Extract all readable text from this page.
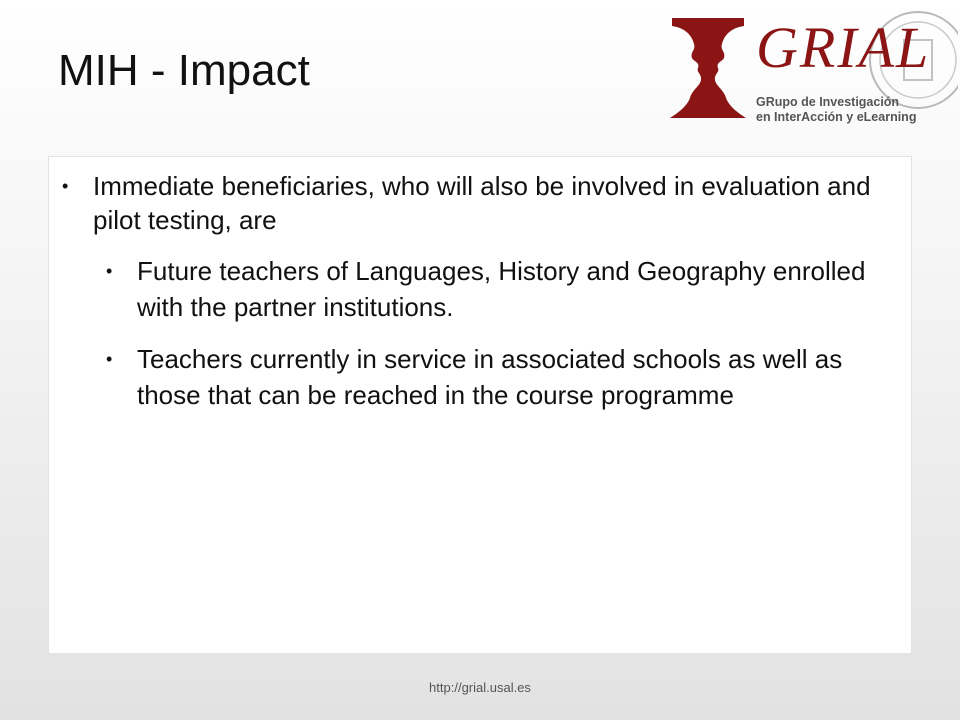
MIH - Impact	GRIAL
GRupo de Investigación
en InterAcción y eLearning
• Immediate beneficiaries, who will also be involved in evaluation and pilot testing, are
• Future teachers of Languages, History and Geography enrolled with the partner institutions.
• Teachers currently in service in associated schools as well as those that can be reached in the course programme
http://grial.usal.es
